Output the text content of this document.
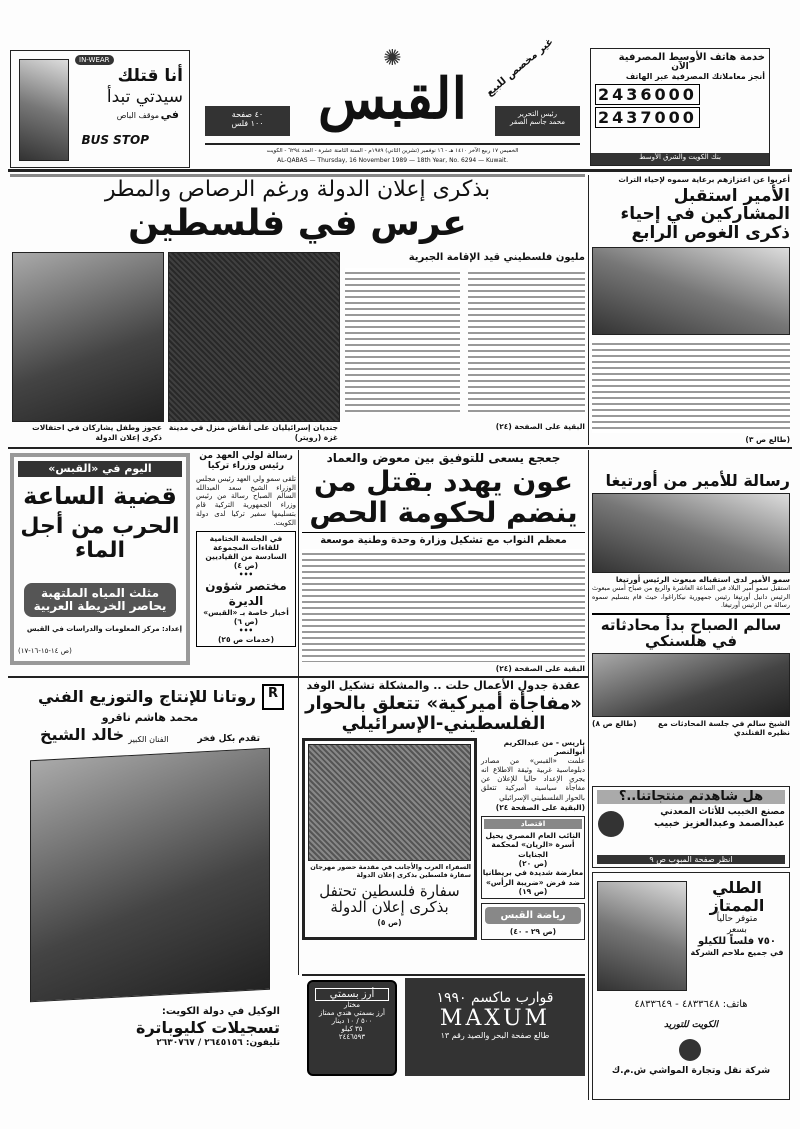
IN-WEAR
أنا قتلك
سيدتي تبدأ
في
موقف الباص
BUS STOP
٤٠ صفحة
١٠٠ فلس
✺
القبس	غير مخصص للبيع
رئيس التحرير
محمد جاسم الصقر
الخميس ١٧ ربيع الآخر ١٤١٠ هـ - ١٦ نوفمبر (تشرين الثاني) ١٩٨٩م - السنة الثامنة عشرة - العدد ٦٢٩٤ - الكويت
AL-QABAS — Thursday, 16 November 1989 — 18th Year, No. 6294 — Kuwait.
خدمة هاتف الأوسط المصرفية
الآن
أنجز معاملاتك المصرفية عبر الهاتف
2436000
2437000
بنك الكويت والشرق الأوسط
بذكرى إعلان الدولة ورغم الرصاص والمطر
عرس في فلسطين
عجوز وطفل يشاركان في احتفالات ذكرى إعلان الدولة
جنديان إسرائيليان على أنقاض منزل في مدينة غزة (رويتر)
مليون فلسطيني قيد الإقامة الجبرية
البقية على الصفحة (٢٤)
أعربوا عن اعتزازهم برعاية سموه لإحياء التراث
الأمير استقبل المشاركين في إحياء ذكرى الغوص الرابع
(طالع ص ٣)
اليوم في «القبس»
قضية الساعة
الحرب من أجل الماء
مثلث المياه الملتهبة يحاصر الخريطة العربية
إعداد: مركز المعلومات والدراسات في القبس
(ص ١٤-١٥-١٦-١٧)
رسالة لولي العهد من رئيس وزراء تركيا
تلقى سمو ولي العهد رئيس مجلس الوزراء الشيخ سعد العبدالله السالم الصباح رسالة من رئيس وزراء الجمهورية التركية قام بتسليمها سفير تركيا لدى دولة الكويت.
في الجلسة الختامية للقاءات المجموعة السادسة من القياديين
(ص ٤)
•••
مختصر شؤون الديرة
أخبار خاصة بـ «القبس»
(ص ٦)
•••
(خدمات ص ٢٥)
جعجع يسعى للتوفيق بين معوض والعماد
عون يهدد بقتل من ينضم لحكومة الحص
معظم النواب مع تشكيل وزارة وحدة وطنية موسعة
البقية على الصفحة (٢٤)
رسالة للأمير من أورتيغا
سمو الأمير لدى استقباله مبعوث الرئيس أورتيغا
استقبل سمو أمير البلاد في الساعة العاشرة والربع من صباح أمس مبعوث الرئيس دانيل أورتيغا رئيس جمهورية نيكاراغوا، حيث قام بتسليم سموه رسالة من الرئيس أورتيغا.
سالم الصباح بدأ محادثاته في هلسنكي
الشيخ سالم في جلسة المحادثات مع نظيره الفنلندي
(طالع ص ٨)
R
روتانا للإنتاج والتوزيع الفني
محمد هاشم ناقرو
تقدم بكل فخر
الفنان الكبير
خالد الشيخ
الوكيل في دولة الكويت:
تسجيلات كليوباترة
تليفون: ٢٦٤٥١٥٦ / ٢٦٣٠٧٦٧
عقدة جدول الأعمال حلت .. والمشكلة تشكيل الوفد
«مفاجأة أميركية» تتعلق بالحوار الفلسطيني-الإسرائيلي
السفراء العرب والأجانب في مقدمة حضور مهرجان سفارة فلسطين بذكرى إعلان الدولة
سفارة فلسطين تحتفل بذكرى إعلان الدولة
(ص ٥)
باريس - من عبدالكريم أبوالنصر
علمت «القبس» من مصادر دبلوماسية غربية وثيقة الاطلاع انه يجري الإعداد حاليا للإعلان عن مفاجأة سياسية أميركية تتعلق بالحوار الفلسطيني الإسرائيلي
(البقية على الصفحة ٢٤)
اقتصاد
النائب العام المصري يحيل أسرة «الريان» لمحكمة الجنايات
(ص ٢٠)
معارضة شديدة في بريطانيا ضد فرض «ضريبة الرأس»
(ص ١٩)
رياضة القبس
(ص ٢٩ - ٤٠)
أرز بسمتي
مختار
أرز بسمتي هندي ممتاز
٥٠٠ / ١٠ دينار
٣٥ كيلو
٢٤٤٦٥٩٣
قوارب ماكسم ١٩٩٠
MAXUM
طالع صفحة البحر والصيد رقم ١٣
هل شاهدتم منتجاتنا..؟
مصنع الخبيب للأثاث المعدني
عبدالصمد وعبدالعزيز خبيب
انظر صفحة المبوب ص ٩
الطلي الممتاز
متوفر حالياً
بسعر
٧٥٠ فلساً للكيلو
في جميع ملاحم الشركة
هاتف: ٤٨٣٣٦٤٨ - ٤٨٣٣٦٤٩
الكويت للتوريد
شركة نقل وتجارة المواشي ش.م.ك
